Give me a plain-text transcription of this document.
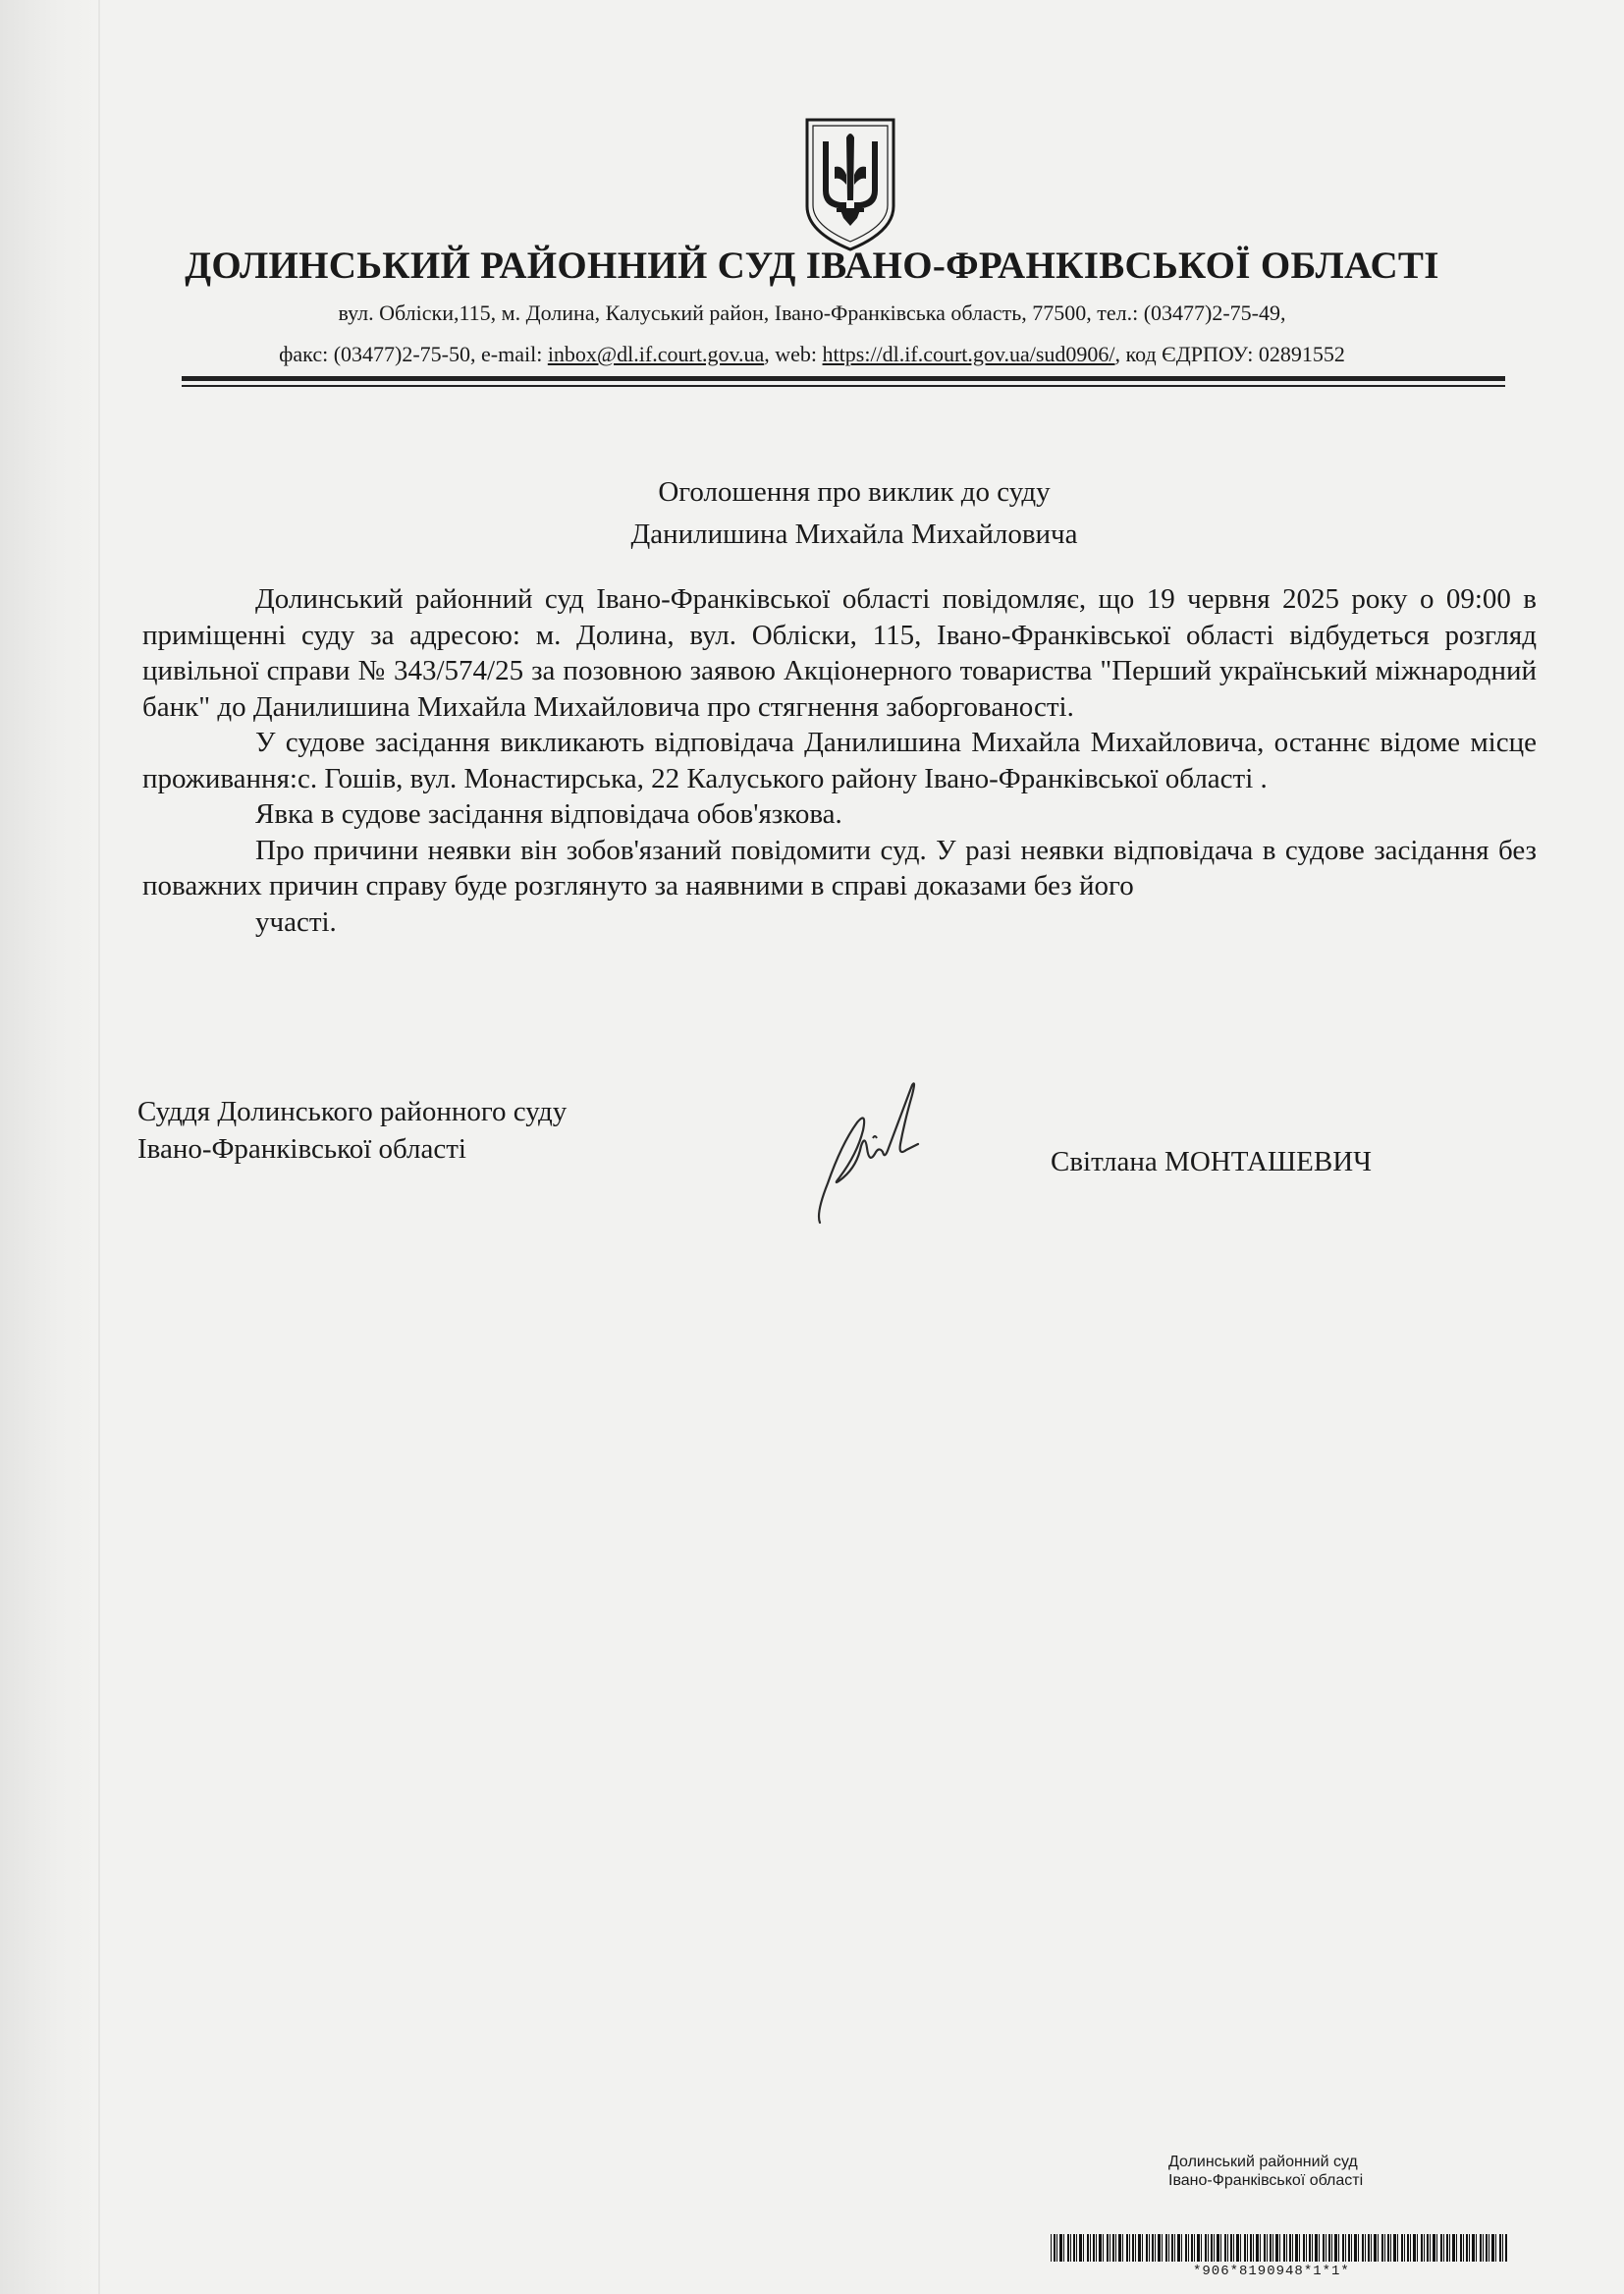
ДОЛИНСЬКИЙ РАЙОННИЙ СУД ІВАНО-ФРАНКІВСЬКОЇ ОБЛАСТІ
вул. Обліски,115, м. Долина, Калуський район, Івано-Франківська область, 77500, тел.: (03477)2-75-49,
факс: (03477)2-75-50, e-mail: inbox@dl.if.court.gov.ua, web: https://dl.if.court.gov.ua/sud0906/, код ЄДРПОУ: 02891552
Оголошення про виклик до суду
Данилишина Михайла Михайловича

Долинський районний суд Івано-Франківської області повідомляє, що 19 червня 2025 року о 09:00 в приміщенні суду за адресою: м. Долина, вул. Обліски, 115, Івано-Франківської області відбудеться розгляд цивільної справи № 343/574/25 за позовною заявою Акціонерного товариства "Перший український міжнародний банк" до Данилишина Михайла Михайловича про стягнення заборгованості.

У судове засідання викликають відповідача Данилишина Михайла Михайловича, останнє відоме місце проживання:с. Гошів, вул. Монастирська, 22 Калуського району Івано-Франківської області .

Явка в судове засідання відповідача обов'язкова.

Про причини неявки він зобов'язаний повідомити суд. У разі неявки відповідача в судове засідання без поважних причин справу буде розглянуто за наявними в справі доказами без його

участі.

Суддя Долинського районного суду
Івано-Франківської області	Світлана МОНТАШЕВИЧ
Долинський районний суд
Івано-Франківської області
*906*8190948*1*1*
